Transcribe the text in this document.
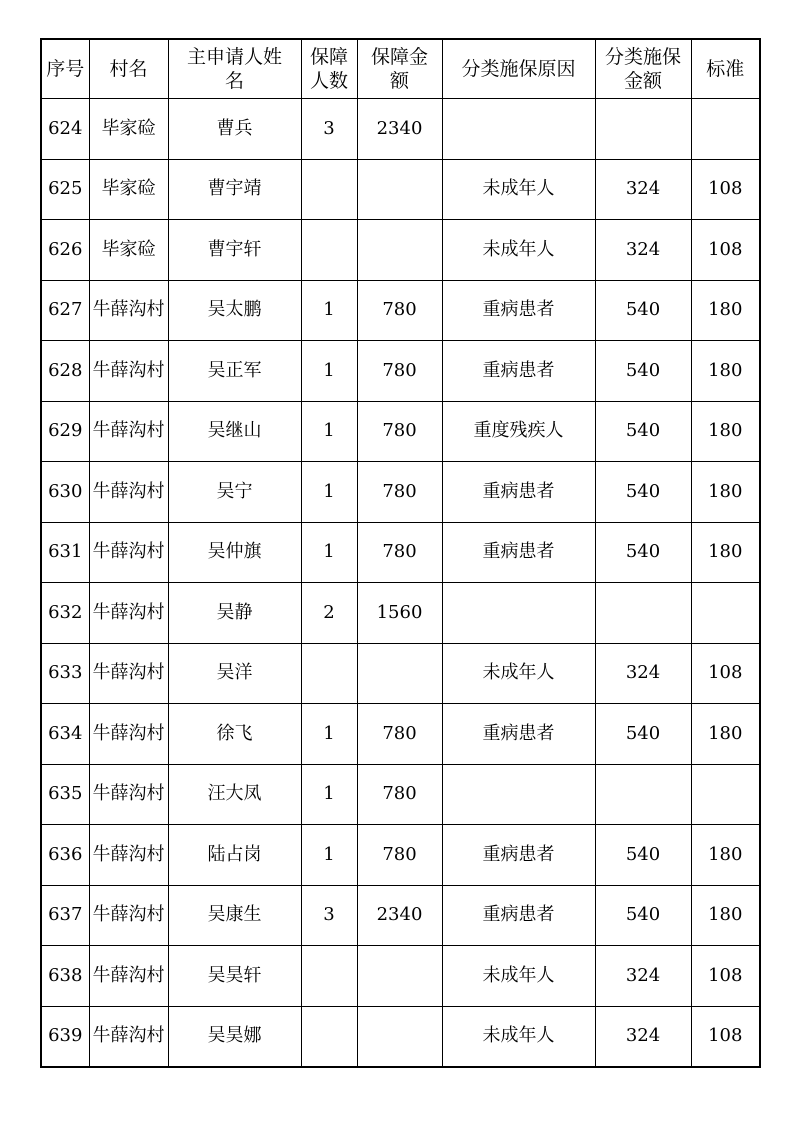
序号	村名	主申请人姓名	保障人数	保障金额	分类施保原因	分类施保金额	标准
624	毕家硷	曹兵	3	2340			
625	毕家硷	曹宇靖			未成年人	324	108
626	毕家硷	曹宇轩			未成年人	324	108
627	牛薛沟村	吴太鹏	1	780	重病患者	540	180
628	牛薛沟村	吴正军	1	780	重病患者	540	180
629	牛薛沟村	吴继山	1	780	重度残疾人	540	180
630	牛薛沟村	吴宁	1	780	重病患者	540	180
631	牛薛沟村	吴仲旗	1	780	重病患者	540	180
632	牛薛沟村	吴静	2	1560			
633	牛薛沟村	吴洋			未成年人	324	108
634	牛薛沟村	徐飞	1	780	重病患者	540	180
635	牛薛沟村	汪大凤	1	780			
636	牛薛沟村	陆占岗	1	780	重病患者	540	180
637	牛薛沟村	吴康生	3	2340	重病患者	540	180
638	牛薛沟村	吴昊轩			未成年人	324	108
639	牛薛沟村	吴昊娜			未成年人	324	108
